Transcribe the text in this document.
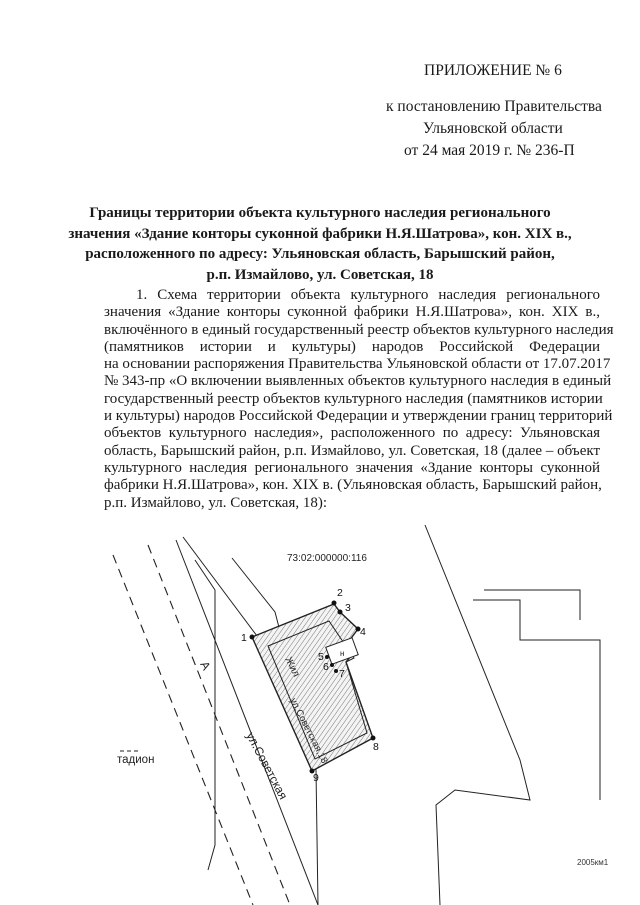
ПРИЛОЖЕНИЕ № 6
к постановлению Правительства
Ульяновской области
от 24 мая 2019 г. № 236-П
Границы территории объекта культурного наследия регионального
значения «Здание конторы суконной фабрики Н.Я.Шатрова», кон. XIX в.,
расположенного по адресу: Ульяновская область, Барышский район,
р.п. Измайлово, ул. Советская, 18
1. Схема территории объекта культурного наследия регионального
значения «Здание конторы суконной фабрики Н.Я.Шатрова», кон. XIX в.,
включённого в единый государственный реестр объектов культурного наследия
(памятников истории и культуры) народов Российской Федерации
на основании распоряжения Правительства Ульяновской области от 17.07.2017
№ 343-пр «О включении выявленных объектов культурного наследия в единый
государственный реестр объектов культурного наследия (памятников истории
и культуры) народов Российской Федерации и утверждении границ территорий
объектов культурного наследия», расположенного по адресу: Ульяновская
область, Барышский район, р.п. Измайлово, ул. Советская, 18 (далее – объект
культурного наследия регионального значения «Здание конторы суконной
фабрики Н.Я.Шатрова», кон. XIX в. (Ульяновская область, Барышский район,
р.п. Измайлово, ул. Советская, 18):
73:02:000000:116
Жил
ул.Советская,18
н
1
2
3
4
5
6
7
8
9
А
ул.Советская
тадион
2005км1
